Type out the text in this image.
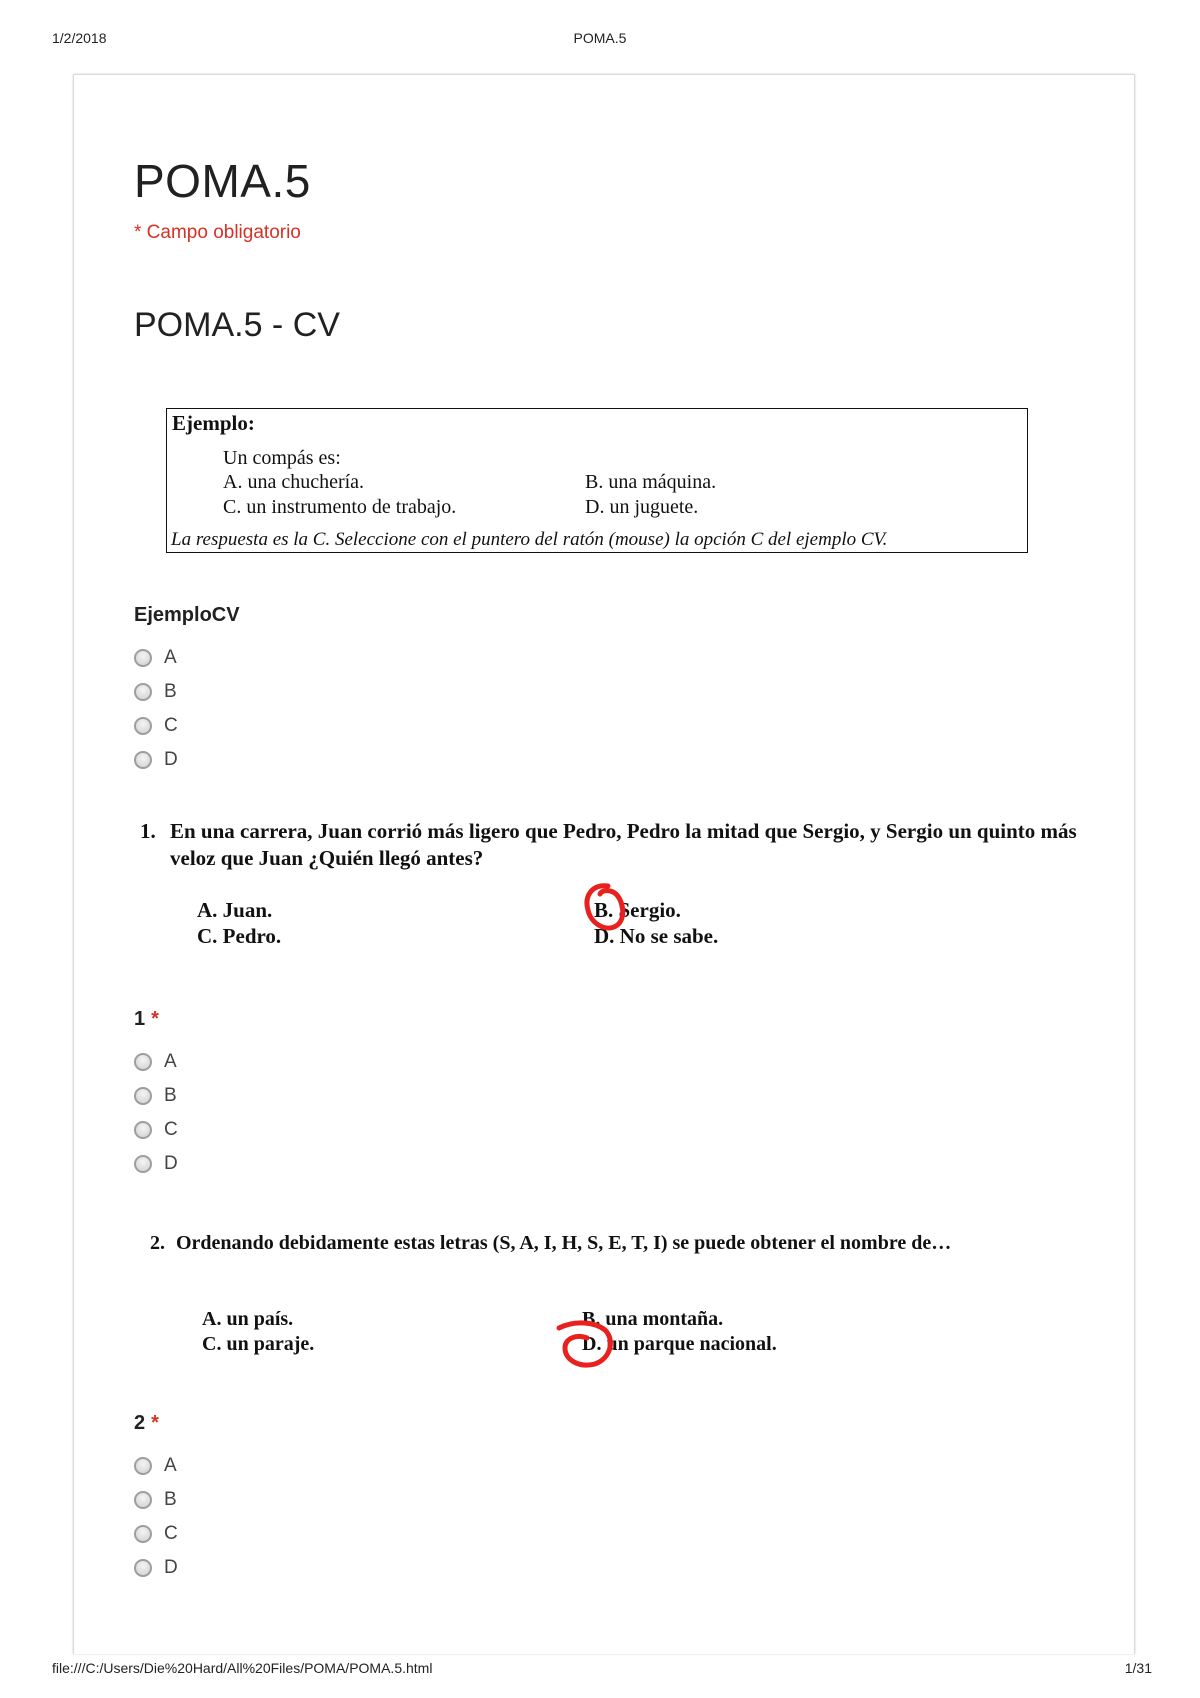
1/2/2018	POMA.5
POMA.5
* Campo obligatorio
POMA.5 - CV
Ejemplo:
Un compás es:
A. una chuchería.	B. una máquina.
C. un instrumento de trabajo.	D. un juguete.
La respuesta es la C. Seleccione con el puntero del ratón (mouse) la opción C del ejemplo CV.
EjemploCV
A
B
C
D
1. En una carrera, Juan corrió más ligero que Pedro, Pedro la mitad que Sergio, y Sergio un quinto más veloz que Juan ¿Quién llegó antes?
A. Juan.	B. Sergio.
C. Pedro.	D. No se sabe.
1 *
A
B
C
D
2. Ordenando debidamente estas letras (S, A, I, H, S, E, T, I) se puede obtener el nombre de…
A. un país.	B. una montaña.
C. un paraje.	D. un parque nacional.
2 *
A
B
C
D
file:///C:/Users/Die%20Hard/All%20Files/POMA/POMA.5.html	1/31
